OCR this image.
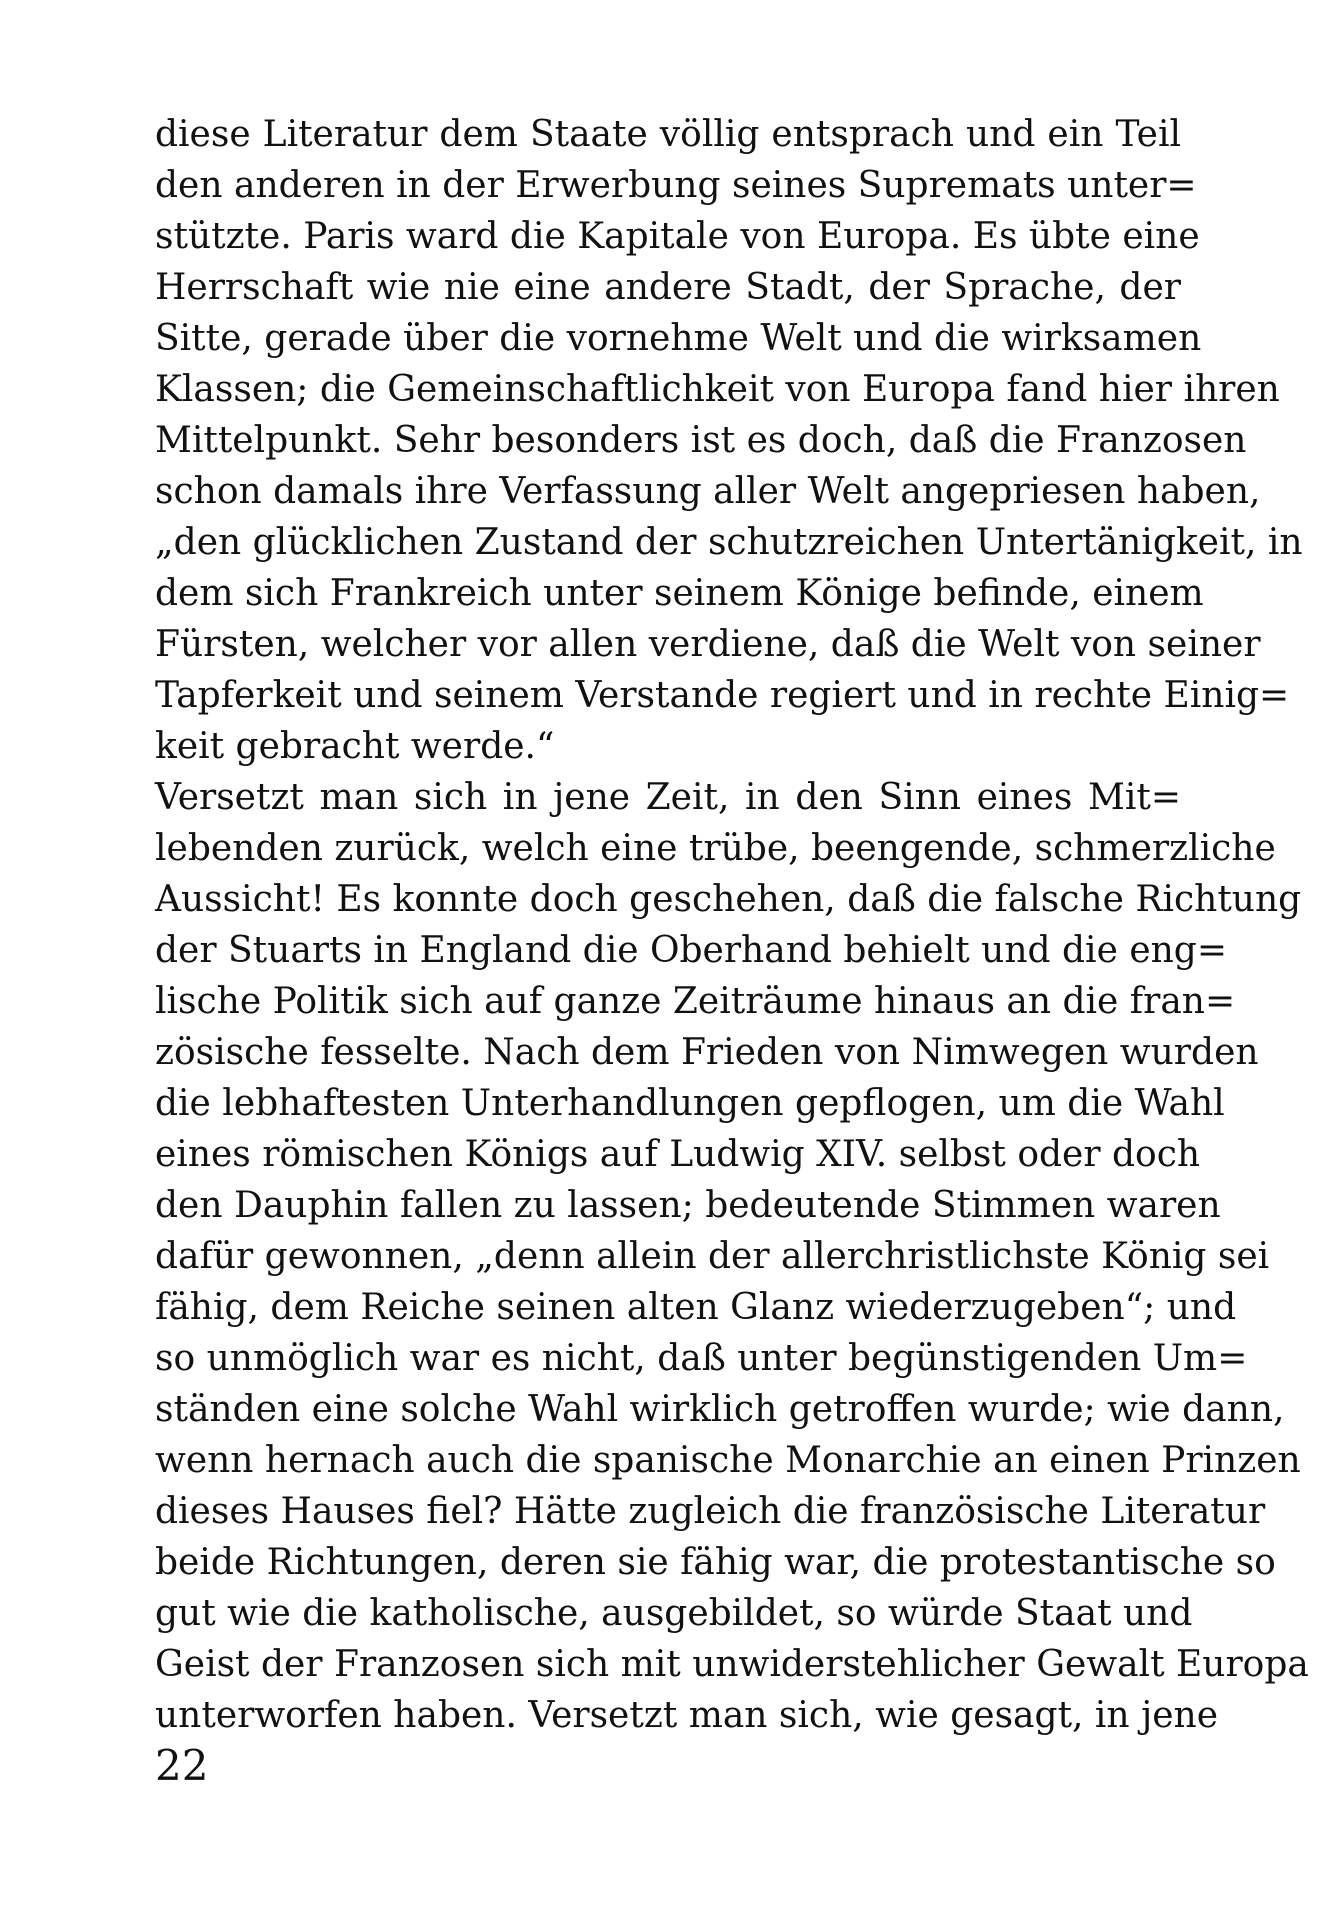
diese Literatur dem Staate völlig entsprach und ein Teil
den anderen in der Erwerbung seines Supremats unter=
stützte. Paris ward die Kapitale von Europa. Es übte eine
Herrschaft wie nie eine andere Stadt, der Sprache, der
Sitte, gerade über die vornehme Welt und die wirksamen
Klassen; die Gemeinschaftlichkeit von Europa fand hier ihren
Mittelpunkt. Sehr besonders ist es doch, daß die Franzosen
schon damals ihre Verfassung aller Welt angepriesen haben,
„den glücklichen Zustand der schutzreichen Untertänigkeit, in
dem sich Frankreich unter seinem Könige befinde, einem
Fürsten, welcher vor allen verdiene, daß die Welt von seiner
Tapferkeit und seinem Verstande regiert und in rechte Einig=
keit gebracht werde.“
Versetzt man sich in jene Zeit, in den Sinn eines Mit=
lebenden zurück, welch eine trübe, beengende, schmerzliche
Aussicht! Es konnte doch geschehen, daß die falsche Richtung
der Stuarts in England die Oberhand behielt und die eng=
lische Politik sich auf ganze Zeiträume hinaus an die fran=
zösische fesselte. Nach dem Frieden von Nimwegen wurden
die lebhaftesten Unterhandlungen gepflogen, um die Wahl
eines römischen Königs auf Ludwig XIV. selbst oder doch
den Dauphin fallen zu lassen; bedeutende Stimmen waren
dafür gewonnen, „denn allein der allerchristlichste König sei
fähig, dem Reiche seinen alten Glanz wiederzugeben“; und
so unmöglich war es nicht, daß unter begünstigenden Um=
ständen eine solche Wahl wirklich getroffen wurde; wie dann,
wenn hernach auch die spanische Monarchie an einen Prinzen
dieses Hauses fiel? Hätte zugleich die französische Literatur
beide Richtungen, deren sie fähig war, die protestantische so
gut wie die katholische, ausgebildet, so würde Staat und
Geist der Franzosen sich mit unwiderstehlicher Gewalt Europa
unterworfen haben. Versetzt man sich, wie gesagt, in jene
22
